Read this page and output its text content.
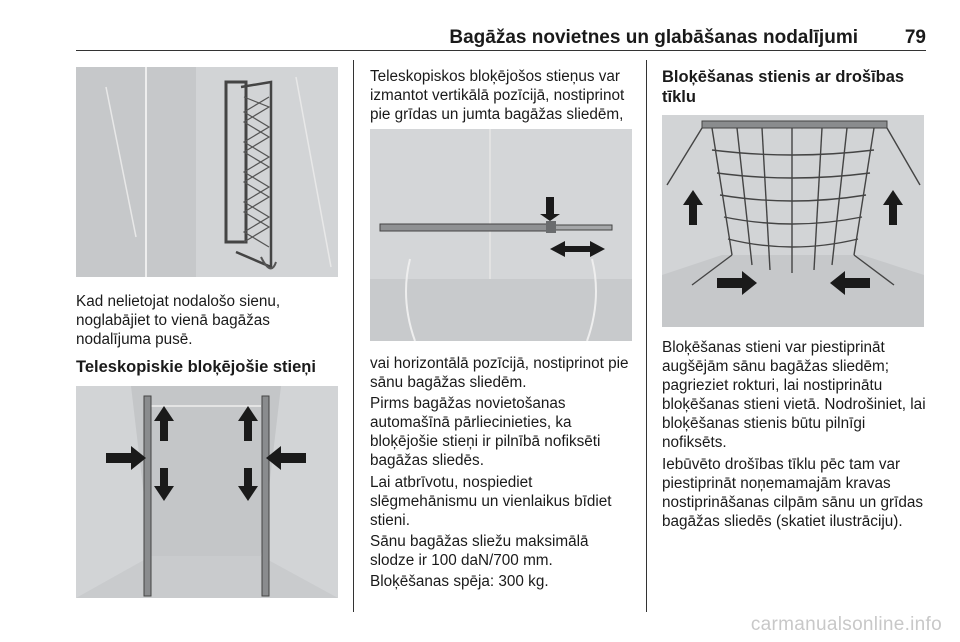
Bagāžas novietnes un glabāšanas nodalījumi 79

Kad nelietojat nodalošo sienu, noglabājiet to vienā bagāžas nodalījuma pusē.

Teleskopiskie bloķējošie stieņi

Teleskopiskos bloķējošos stieņus var izmantot vertikālā pozīcijā, nostiprinot pie grīdas un jumta bagāžas sliedēm,

vai horizontālā pozīcijā, nostiprinot pie sānu bagāžas sliedēm.

Pirms bagāžas novietošanas automašīnā pārliecinieties, ka bloķējošie stieņi ir pilnībā nofiksēti bagāžas sliedēs.

Lai atbrīvotu, nospiediet slēgmehānismu un vienlaikus bīdiet stieni.

Sānu bagāžas sliežu maksimālā slodze ir 100 daN/700 mm.

Bloķēšanas spēja: 300 kg.

Bloķēšanas stienis ar drošības tīklu

Bloķēšanas stieni var piestiprināt augšējām sānu bagāžas sliedēm; pagrieziet rokturi, lai nostiprinātu bloķēšanas stieni vietā. Nodrošiniet, lai bloķēšanas stienis būtu pilnīgi nofiksēts.

Iebūvēto drošības tīklu pēc tam var piestiprināt noņemamajām kravas nostiprināšanas cilpām sānu un grīdas bagāžas sliedēs (skatiet ilustrāciju).

carmanualsonline.info
